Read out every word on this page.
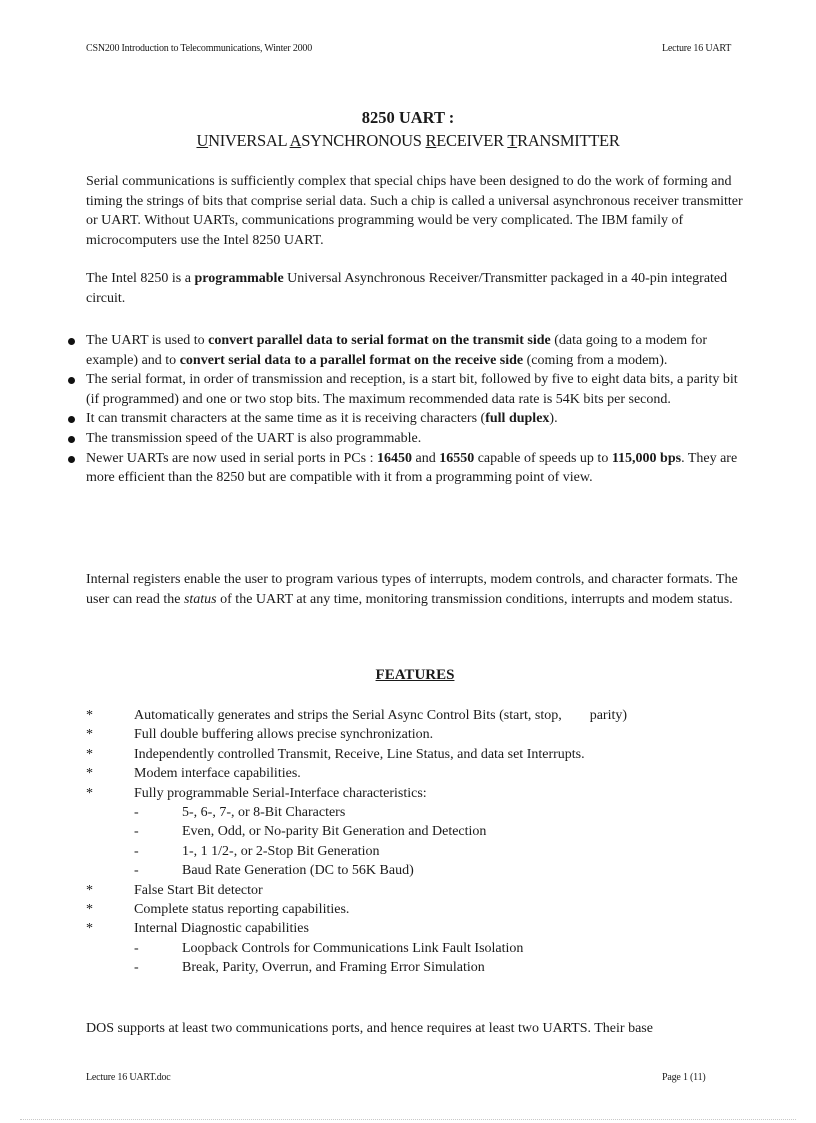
CSN200 Introduction to Telecommunications, Winter 2000	Lecture 16 UART
8250 UART :
UNIVERSAL ASYNCHRONOUS RECEIVER TRANSMITTER
Serial communications is sufficiently complex that special chips have been designed to do the work of forming and timing the strings of bits that comprise serial data. Such a chip is called a universal asynchronous receiver transmitter or UART. Without UARTs, communications programming would be very complicated. The IBM family of microcomputers use the Intel 8250 UART.
The Intel 8250 is a programmable Universal Asynchronous Receiver/Transmitter packaged in a 40-pin integrated circuit.
The UART is used to convert parallel data to serial format on the transmit side (data going to a modem for example) and to convert serial data to a parallel format on the receive side (coming from a modem).
The serial format, in order of transmission and reception, is a start bit, followed by five to eight data bits, a parity bit (if programmed) and one or two stop bits. The maximum recommended data rate is 54K bits per second.
It can transmit characters at the same time as it is receiving characters (full duplex).
The transmission speed of the UART is also programmable.
Newer UARTs are now used in serial ports in PCs : 16450 and 16550 capable of speeds up to 115,000 bps. They are more efficient than the 8250 but are compatible with it from a programming point of view.
Internal registers enable the user to program various types of interrupts, modem controls, and character formats. The user can read the status of the UART at any time, monitoring transmission conditions, interrupts and modem status.
FEATURES
*	Automatically generates and strips the Serial Async Control Bits (start, stop,        parity)
*	Full double buffering allows precise synchronization.
*	Independently controlled Transmit, Receive, Line Status, and data set Interrupts.
*	Modem interface capabilities.
*	Fully programmable Serial-Interface characteristics:
-	5-, 6-, 7-, or 8-Bit Characters
-	Even, Odd, or No-parity Bit Generation and Detection
-	1-, 1 1/2-, or 2-Stop Bit Generation
-	Baud Rate Generation (DC to 56K Baud)
*	False Start Bit detector
*	Complete status reporting capabilities.
*	Internal Diagnostic capabilities
-	Loopback Controls for Communications Link Fault Isolation
-	Break, Parity, Overrun, and Framing Error Simulation
DOS supports at least two communications ports, and hence requires at least two UARTS. Their base
Lecture 16 UART.doc	Page 1 (11)
